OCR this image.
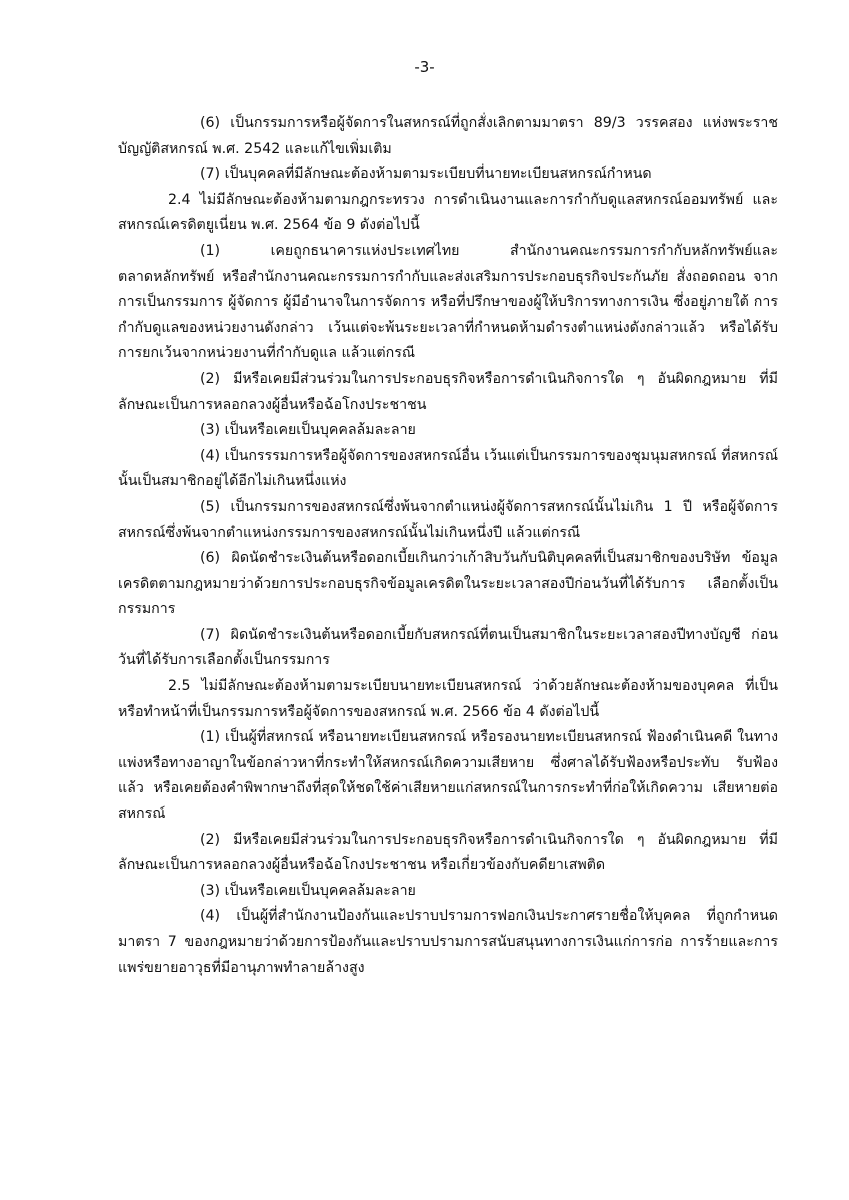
-3-

(6) เป็นกรรมการหรือผู้จัดการในสหกรณ์ที่ถูกสั่งเลิกตามมาตรา 89/3 วรรคสอง แห่งพระราชบัญญัติสหกรณ์ พ.ศ. 2542 และแก้ไขเพิ่มเติม

(7) เป็นบุคคลที่มีลักษณะต้องห้ามตามระเบียบที่นายทะเบียนสหกรณ์กำหนด

2.4 ไม่มีลักษณะต้องห้ามตามกฎกระทรวง การดำเนินงานและการกำกับดูแลสหกรณ์ออมทรัพย์ และสหกรณ์เครดิตยูเนี่ยน พ.ศ. 2564 ข้อ 9 ดังต่อไปนี้

(1) เคยถูกธนาคารแห่งประเทศไทย สำนักงานคณะกรรมการกำกับหลักทรัพย์และ ตลาดหลักทรัพย์ หรือสำนักงานคณะกรรมการกำกับและส่งเสริมการประกอบธุรกิจประกันภัย สั่งถอดถอน จากการเป็นกรรมการ ผู้จัดการ ผู้มีอำนาจในการจัดการ หรือที่ปรึกษาของผู้ให้บริการทางการเงิน ซึ่งอยู่ภายใต้ การกำกับดูแลของหน่วยงานดังกล่าว เว้นแต่จะพ้นระยะเวลาที่กำหนดห้ามดำรงตำแหน่งดังกล่าวแล้ว หรือได้รับการยกเว้นจากหน่วยงานที่กำกับดูแล แล้วแต่กรณี

(2) มีหรือเคยมีส่วนร่วมในการประกอบธุรกิจหรือการดำเนินกิจการใด ๆ อันผิดกฎหมาย ที่มีลักษณะเป็นการหลอกลวงผู้อื่นหรือฉ้อโกงประชาชน

(3) เป็นหรือเคยเป็นบุคคลล้มละลาย

(4) เป็นกรรรมการหรือผู้จัดการของสหกรณ์อื่น เว้นแต่เป็นกรรมการของชุมนุมสหกรณ์ ที่สหกรณ์นั้นเป็นสมาชิกอยู่ได้อีกไม่เกินหนึ่งแห่ง

(5) เป็นกรรมการของสหกรณ์ซึ่งพ้นจากตำแหน่งผู้จัดการสหกรณ์นั้นไม่เกิน 1 ปี หรือผู้จัดการสหกรณ์ซึ่งพ้นจากตำแหน่งกรรมการของสหกรณ์นั้นไม่เกินหนึ่งปี แล้วแต่กรณี

(6) ผิดนัดชำระเงินต้นหรือดอกเบี้ยเกินกว่าเก้าสิบวันกับนิติบุคคลที่เป็นสมาชิกของบริษัท ข้อมูลเครดิตตามกฎหมายว่าด้วยการประกอบธุรกิจข้อมูลเครดิตในระยะเวลาสองปีก่อนวันที่ได้รับการ เลือกตั้งเป็นกรรมการ

(7) ผิดนัดชำระเงินต้นหรือดอกเบี้ยกับสหกรณ์ที่ตนเป็นสมาชิกในระยะเวลาสองปีทางบัญชี ก่อนวันที่ได้รับการเลือกตั้งเป็นกรรมการ

2.5 ไม่มีลักษณะต้องห้ามตามระเบียบนายทะเบียนสหกรณ์ ว่าด้วยลักษณะต้องห้ามของบุคคล ที่เป็นหรือทำหน้าที่เป็นกรรมการหรือผู้จัดการของสหกรณ์ พ.ศ. 2566 ข้อ 4 ดังต่อไปนี้

(1) เป็นผู้ที่สหกรณ์ หรือนายทะเบียนสหกรณ์ หรือรองนายทะเบียนสหกรณ์ ฟ้องดำเนินคดี ในทางแพ่งหรือทางอาญาในข้อกล่าวหาที่กระทำให้สหกรณ์เกิดความเสียหาย ซึ่งศาลได้รับฟ้องหรือประทับ รับฟ้องแล้ว หรือเคยต้องคำพิพากษาถึงที่สุดให้ชดใช้ค่าเสียหายแก่สหกรณ์ในการกระทำที่ก่อให้เกิดความ เสียหายต่อสหกรณ์

(2) มีหรือเคยมีส่วนร่วมในการประกอบธุรกิจหรือการดำเนินกิจการใด ๆ อันผิดกฎหมาย ที่มีลักษณะเป็นการหลอกลวงผู้อื่นหรือฉ้อโกงประชาชน หรือเกี่ยวข้องกับคดียาเสพติด

(3) เป็นหรือเคยเป็นบุคคลล้มละลาย

(4) เป็นผู้ที่สำนักงานป้องกันและปราบปรามการฟอกเงินประกาศรายชื่อให้บุคคล ที่ถูกกำหนดมาตรา 7 ของกฎหมายว่าด้วยการป้องกันและปราบปรามการสนับสนุนทางการเงินแก่การก่อ การร้ายและการแพร่ขยายอาวุธที่มีอานุภาพทำลายล้างสูง
